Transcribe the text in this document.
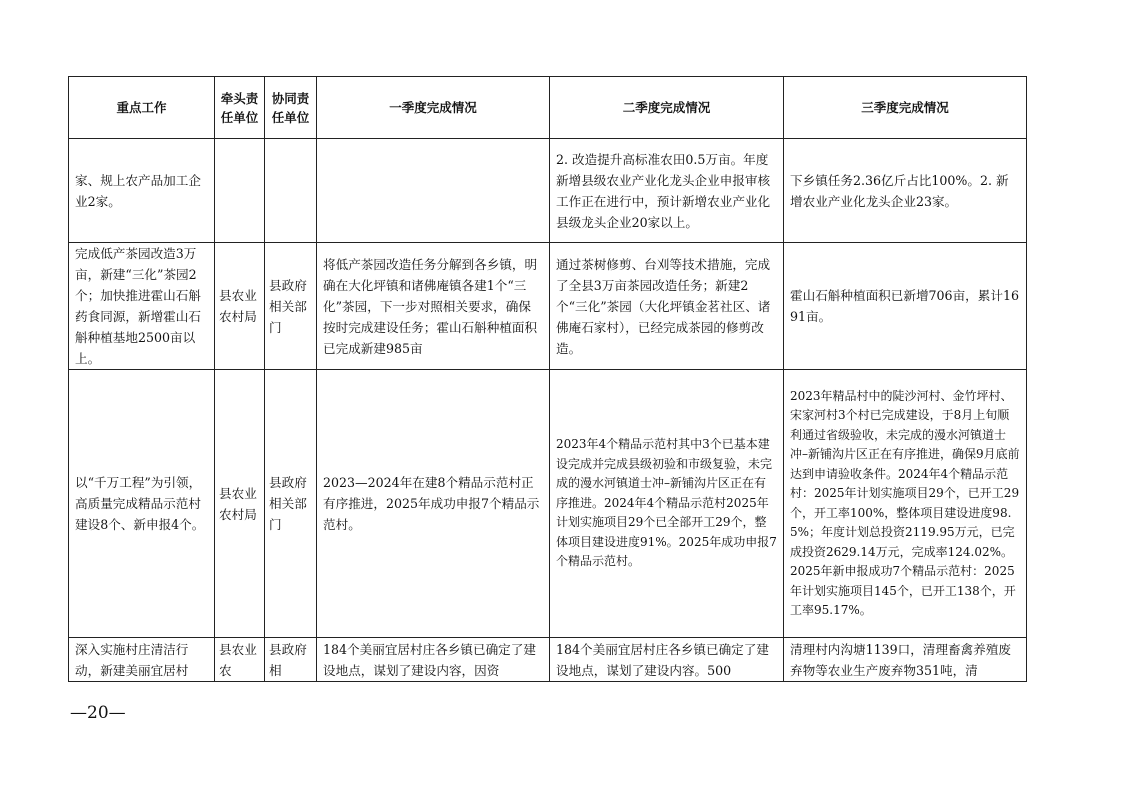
重点工作	牵头责任单位	协同责任单位	一季度完成情况	二季度完成情况	三季度完成情况
家、规上农产品加工企业2家。				2. 改造提升高标准农田0.5万亩。年度新增县级农业产业化龙头企业申报审核工作正在进行中，预计新增农业产业化县级龙头企业20家以上。	下乡镇任务2.36亿斤占比100%。2. 新增农业产业化龙头企业23家。
完成低产茶园改造3万亩，新建“三化”茶园2个；加快推进霍山石斛药食同源，新增霍山石斛种植基地2500亩以上。	县农业农村局	县政府相关部门	将低产茶园改造任务分解到各乡镇，明确在大化坪镇和诸佛庵镇各建1个“三化”茶园，下一步对照相关要求，确保按时完成建设任务；霍山石斛种植面积已完成新建985亩	通过茶树修剪、台刈等技术措施，完成了全县3万亩茶园改造任务；新建2个“三化”茶园（大化坪镇金茗社区、诸佛庵石家村），已经完成茶园的修剪改造。	霍山石斛种植面积已新增706亩，累计1691亩。
以“千万工程”为引领，高质量完成精品示范村建设8个、新申报4个。	县农业农村局	县政府相关部门	2023—2024年在建8个精品示范村正有序推进，2025年成功申报7个精品示范村。	2023年4个精品示范村其中3个已基本建设完成并完成县级初验和市级复验，未完成的漫水河镇道士冲–新铺沟片区正在有序推进。2024年4个精品示范村2025年计划实施项目29个已全部开工29个，整体项目建设进度91%。2025年成功申报7个精品示范村。	2023年精品村中的陡沙河村、金竹坪村、宋家河村3个村已完成建设，于8月上旬顺利通过省级验收，未完成的漫水河镇道士冲–新铺沟片区正在有序推进，确保9月底前达到申请验收条件。2024年4个精品示范村：2025年计划实施项目29个，已开工29个，开工率100%，整体项目建设进度98.5%；年度计划总投资2119.95万元，已完成投资2629.14万元，完成率124.02%。2025年新申报成功7个精品示范村：2025年计划实施项目145个，已开工138个，开工率95.17%。
深入实施村庄清洁行动，新建美丽宜居村	县农业农	县政府相	184个美丽宜居村庄各乡镇已确定了建设地点，谋划了建设内容，因资	184个美丽宜居村庄各乡镇已确定了建设地点，谋划了建设内容。500	清理村内沟塘1139口，清理畜禽养殖废弃物等农业生产废弃物351吨，清
—20—
